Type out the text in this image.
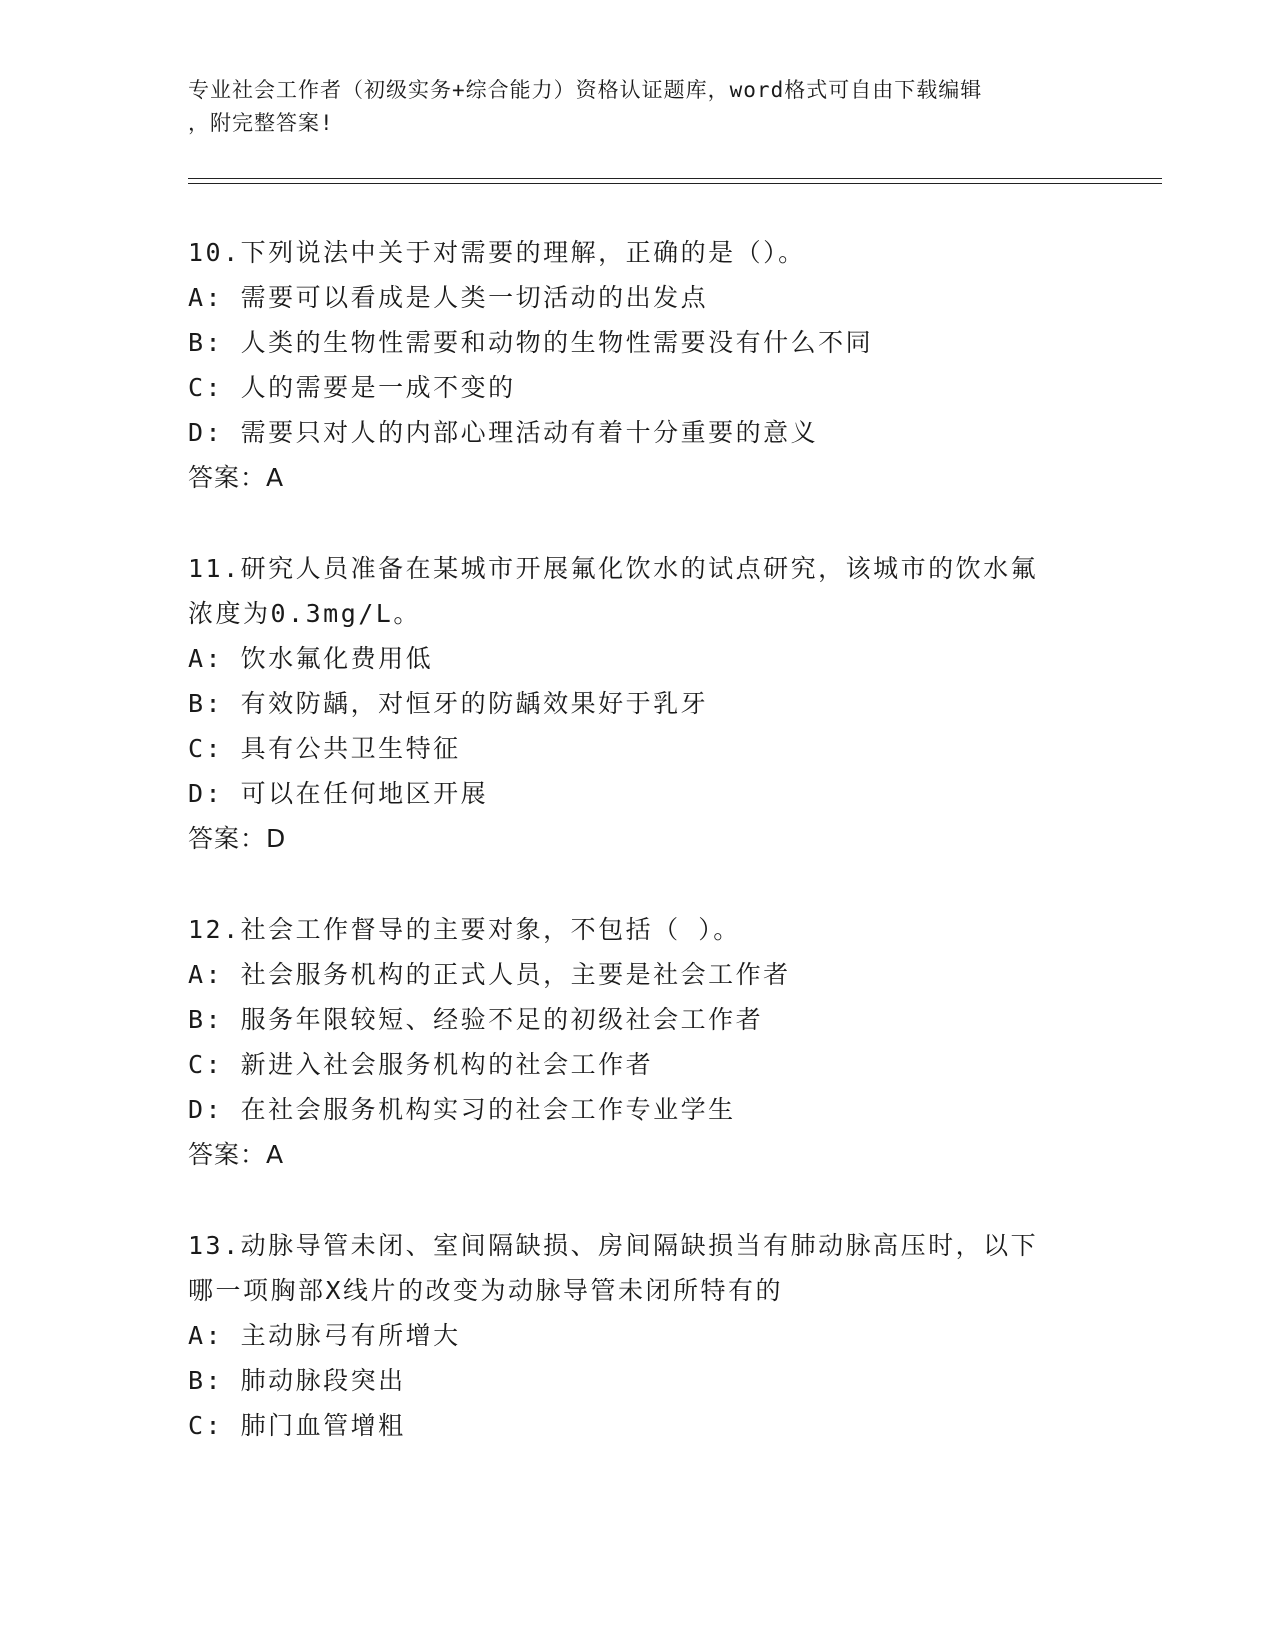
专业社会工作者（初级实务+综合能力）资格认证题库，word格式可自由下载编辑
，附完整答案!
10.下列说法中关于对需要的理解，正确的是（）。
A: 需要可以看成是人类一切活动的出发点
B: 人类的生物性需要和动物的生物性需要没有什么不同
C: 人的需要是一成不变的
D: 需要只对人的内部心理活动有着十分重要的意义
答案：A
11.研究人员准备在某城市开展氟化饮水的试点研究，该城市的饮水氟
浓度为0.3mg/L。
A: 饮水氟化费用低
B: 有效防龋，对恒牙的防龋效果好于乳牙
C: 具有公共卫生特征
D: 可以在任何地区开展
答案：D
12.社会工作督导的主要对象，不包括（ ）。
A: 社会服务机构的正式人员，主要是社会工作者
B: 服务年限较短、经验不足的初级社会工作者
C: 新进入社会服务机构的社会工作者
D: 在社会服务机构实习的社会工作专业学生
答案：A
13.动脉导管未闭、室间隔缺损、房间隔缺损当有肺动脉高压时，以下
哪一项胸部X线片的改变为动脉导管未闭所特有的
A: 主动脉弓有所增大
B: 肺动脉段突出
C: 肺门血管增粗
